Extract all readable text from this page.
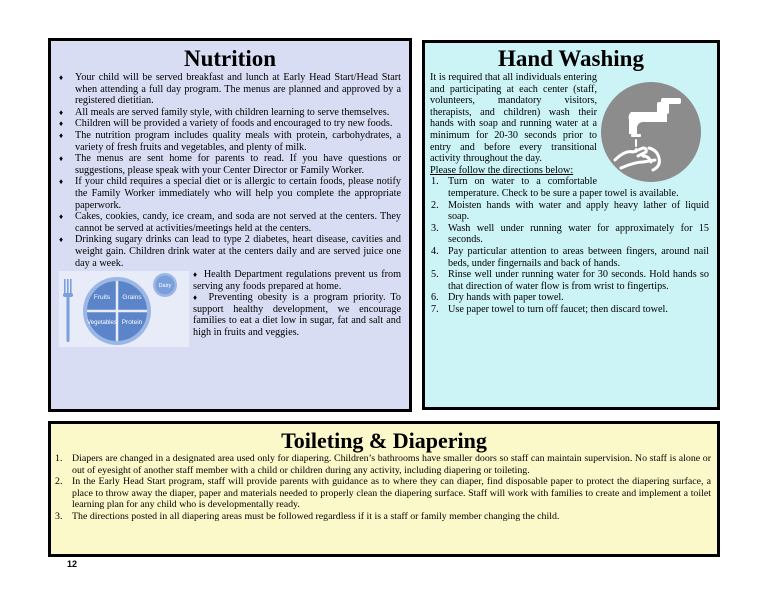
Nutrition
♦ Your child will be served breakfast and lunch at Early Head Start/Head Start when attending a full day program. The menus are planned and approved by a registered dietitian.
♦ All meals are served family style, with children learning to serve themselves.
♦ Children will be provided a variety of foods and encouraged to try new foods.
♦ The nutrition program includes quality meals with protein, carbohydrates, a variety of fresh fruits and vegetables, and plenty of milk.
♦ The menus are sent home for parents to read. If you have questions or suggestions, please speak with your Center Director or Family Worker.
♦ If your child requires a special diet or is allergic to certain foods, please notify the Family Worker immediately who will help you complete the appropriate paperwork.
♦ Cakes, cookies, candy, ice cream, and soda are not served at the centers. They cannot be served at activities/meetings held at the centers.
♦ Drinking sugary drinks can lead to type 2 diabetes, heart disease, cavities and weight gain. Children drink water at the centers daily and are served juice one day a week.
Fruits Grains
Vegetables Protein
Dairy

♦  Health Department regulations prevent us from serving any foods prepared at home.

♦  Preventing obesity is a program priority. To support healthy development, we encourage families to eat a diet low in sugar, fat and salt and high in fruits and veggies.

Hand Washing

It is required that all individuals entering and participating at each center (staff, volunteers, mandatory visitors, therapists, and children) wash their hands with soap and running water at a minimum for 20-30 seconds prior to entry and before every transitional activity throughout the day.

Please follow the directions below:

1. Turn on water to a comfortable temperature. Check to be sure a paper towel is available.
2. Moisten hands with water and apply heavy lather of liquid soap.
3. Wash well under running water for approximately for 15 seconds.
4. Pay particular attention to areas between fingers, around nail beds, under fingernails and back of hands.
5. Rinse well under running water for 30 seconds. Hold hands so that direction of water flow is from wrist to fingertips.
6. Dry hands with paper towel.
7. Use paper towel to turn off faucet; then discard towel.
Toileting & Diapering
1. Diapers are changed in a designated area used only for diapering. Children’s bathrooms have smaller doors so staff can maintain supervision. No staff is alone or out of eyesight of another staff member with a child or children during any activity, including diapering or toileting.
2. In the Early Head Start program, staff will provide parents with guidance as to where they can diaper, find disposable paper to protect the diapering surface, a place to throw away the diaper, paper and materials needed to properly clean the diapering surface. Staff will work with families to create and implement a toilet learning plan for any child who is developmentally ready.
3. The directions posted in all diapering areas must be followed regardless if it is a staff or family member changing the child.
12
